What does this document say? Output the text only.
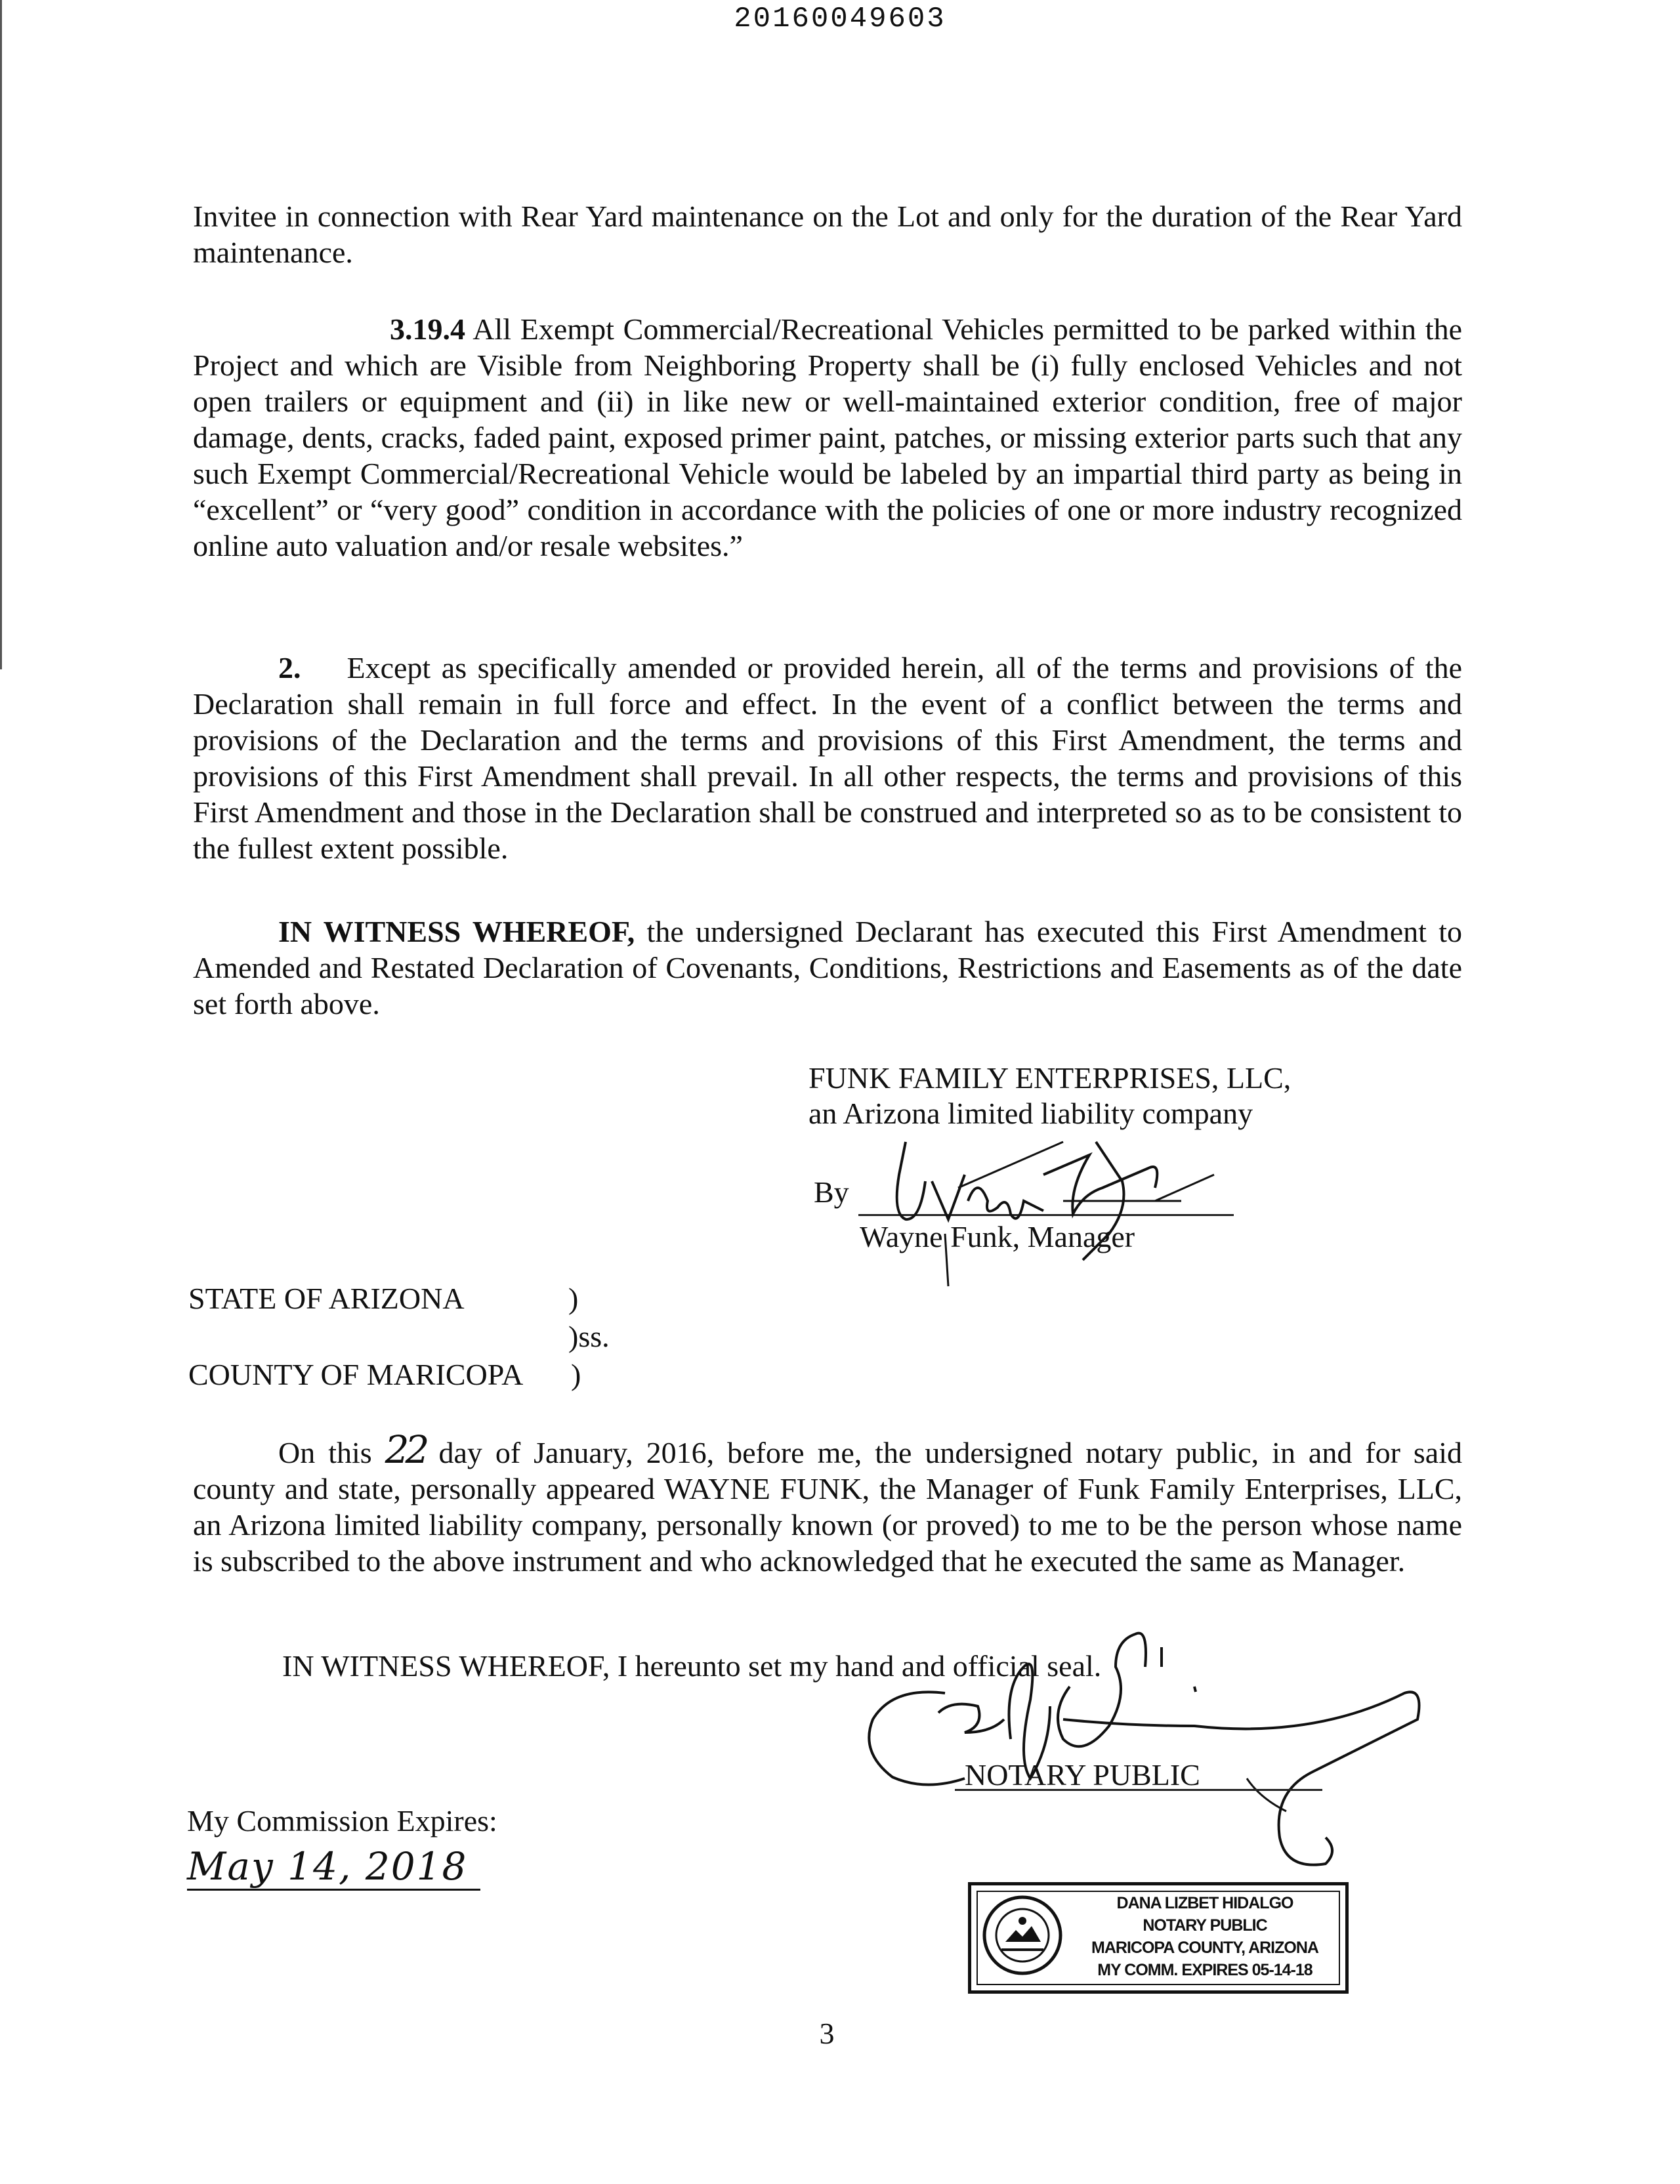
20160049603

Invitee in connection with Rear Yard maintenance on the Lot and only for the duration of the Rear Yard maintenance.

3.19.4 All Exempt Commercial/Recreational Vehicles permitted to be parked within the Project and which are Visible from Neighboring Property shall be (i) fully enclosed Vehicles and not open trailers or equipment and (ii) in like new or well-maintained exterior condition, free of major damage, dents, cracks, faded paint, exposed primer paint, patches, or missing exterior parts such that any such Exempt Commercial/Recreational Vehicle would be labeled by an impartial third party as being in “excellent” or “very good” condition in accordance with the policies of one or more industry recognized online auto valuation and/or resale websites.”

2. Except as specifically amended or provided herein, all of the terms and provisions of the Declaration shall remain in full force and effect. In the event of a conflict between the terms and provisions of the Declaration and the terms and provisions of this First Amendment, the terms and provisions of this First Amendment shall prevail. In all other respects, the terms and provisions of this First Amendment and those in the Declaration shall be construed and interpreted so as to be consistent to the fullest extent possible.

IN WITNESS WHEREOF, the undersigned Declarant has executed this First Amendment to Amended and Restated Declaration of Covenants, Conditions, Restrictions and Easements as of the date set forth above.

FUNK FAMILY ENTERPRISES, LLC,
an Arizona limited liability company
By
Wayne Funk, Manager
STATE OF ARIZONA	)
)ss.
COUNTY OF MARICOPA )

On this 22 day of January, 2016, before me, the undersigned notary public, in and for said county and state, personally appeared WAYNE FUNK, the Manager of Funk Family Enterprises, LLC, an Arizona limited liability company, personally known (or proved) to me to be the person whose name is subscribed to the above instrument and who acknowledged that he executed the same as Manager.

IN WITNESS WHEREOF, I hereunto set my hand and official seal.
NOTARY PUBLIC
My Commission Expires:
May 14, 2018
DANA LIZBET HIDALGO
NOTARY PUBLIC
MARICOPA COUNTY, ARIZONA
MY COMM. EXPIRES 05-14-18
3
